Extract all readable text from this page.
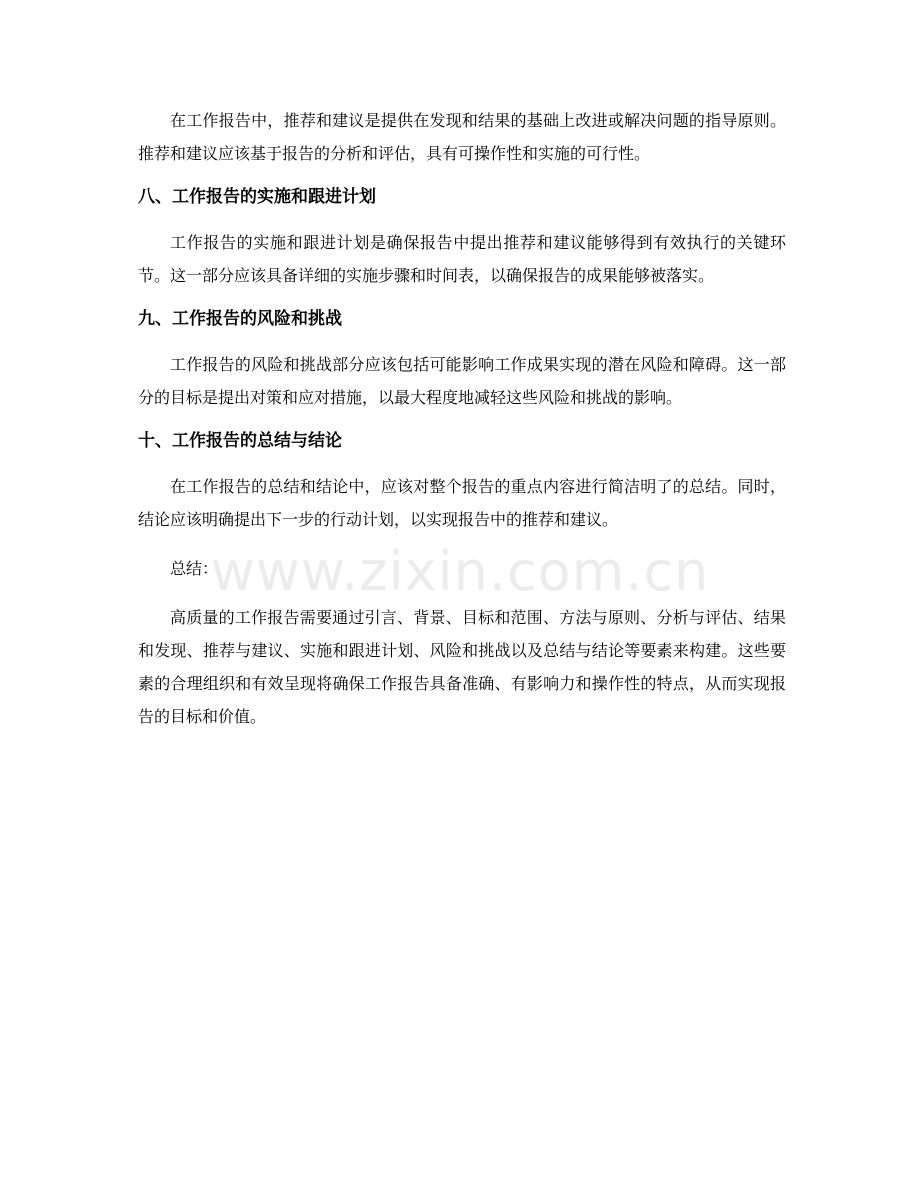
www.zixin.com.cn

在工作报告中，推荐和建议是提供在发现和结果的基础上改进或解决问题的指导原则。推荐和建议应该基于报告的分析和评估，具有可操作性和实施的可行性。

八、工作报告的实施和跟进计划

工作报告的实施和跟进计划是确保报告中提出推荐和建议能够得到有效执行的关键环节。这一部分应该具备详细的实施步骤和时间表，以确保报告的成果能够被落实。

九、工作报告的风险和挑战

工作报告的风险和挑战部分应该包括可能影响工作成果实现的潜在风险和障碍。这一部分的目标是提出对策和应对措施，以最大程度地减轻这些风险和挑战的影响。

十、工作报告的总结与结论

在工作报告的总结和结论中，应该对整个报告的重点内容进行简洁明了的总结。同时，结论应该明确提出下一步的行动计划，以实现报告中的推荐和建议。

总结：

高质量的工作报告需要通过引言、背景、目标和范围、方法与原则、分析与评估、结果和发现、推荐与建议、实施和跟进计划、风险和挑战以及总结与结论等要素来构建。这些要素的合理组织和有效呈现将确保工作报告具备准确、有影响力和操作性的特点，从而实现报告的目标和价值。
